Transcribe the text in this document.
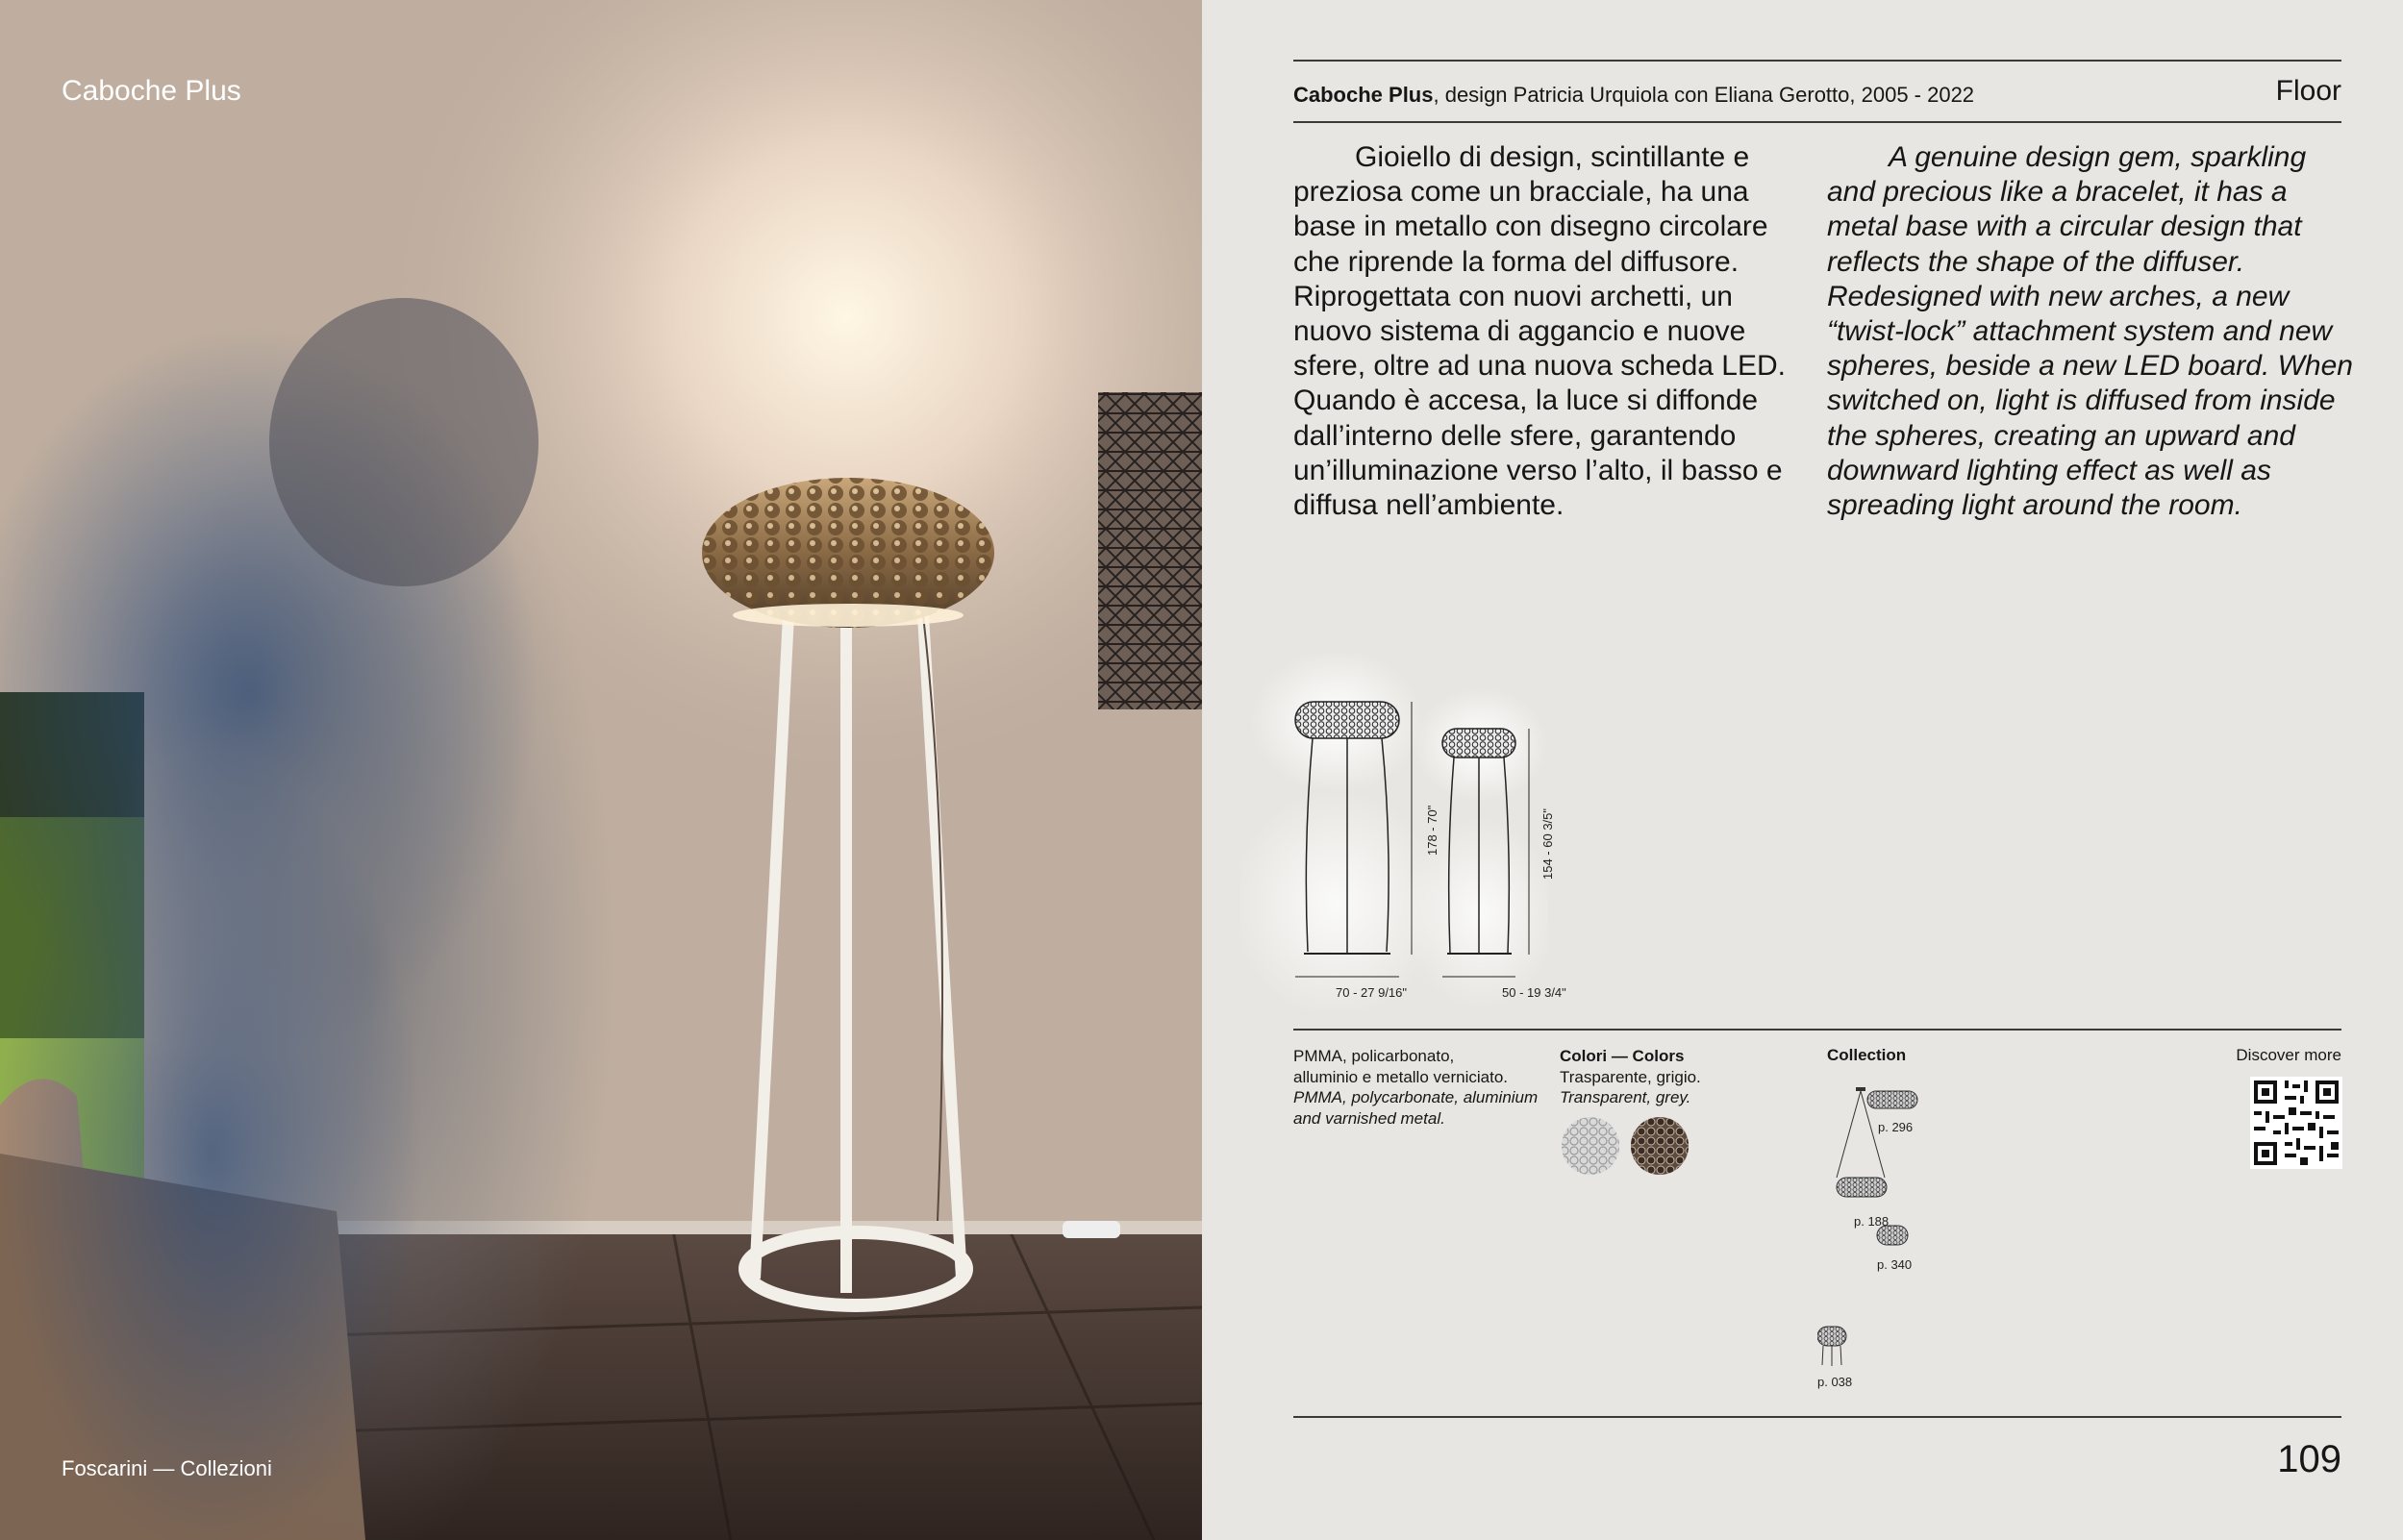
Caboche Plus
Foscarini — Collezioni
Caboche Plus, design Patricia Urquiola con Eliana Gerotto, 2005 - 2022	Floor

Gioiello di design, scintillante e preziosa come un bracciale, ha una base in metallo con disegno circolare che riprende la forma del diffusore. Riprogettata con nuovi archetti, un nuovo sistema di aggancio e nuove sfere, oltre ad una nuova scheda LED. Quando è accesa, la luce si diffonde dall’interno delle sfere, garantendo un’illuminazione verso l’alto, il basso e diffusa nell’ambiente.

A genuine design gem, sparkling and precious like a bracelet, it has a metal base with a circular design that reflects the shape of the diffuser. Redesigned with new arches, a new “twist-lock” attachment system and new spheres, beside a new LED board. When switched on, light is diffused from inside the spheres, creating an upward and downward lighting effect as well as spreading light around the room.

178 - 70"
70 - 27 9/16"
154 - 60 3/5"
50 - 19 3/4"
PMMA, policarbonato,
alluminio e metallo verniciato.
PMMA, polycarbonate, aluminium and varnished metal.
Colori — Colors
Trasparente, grigio.
Transparent, grey.
Collection
p. 296
p. 188
p. 340
p. 038
Discover more
109
